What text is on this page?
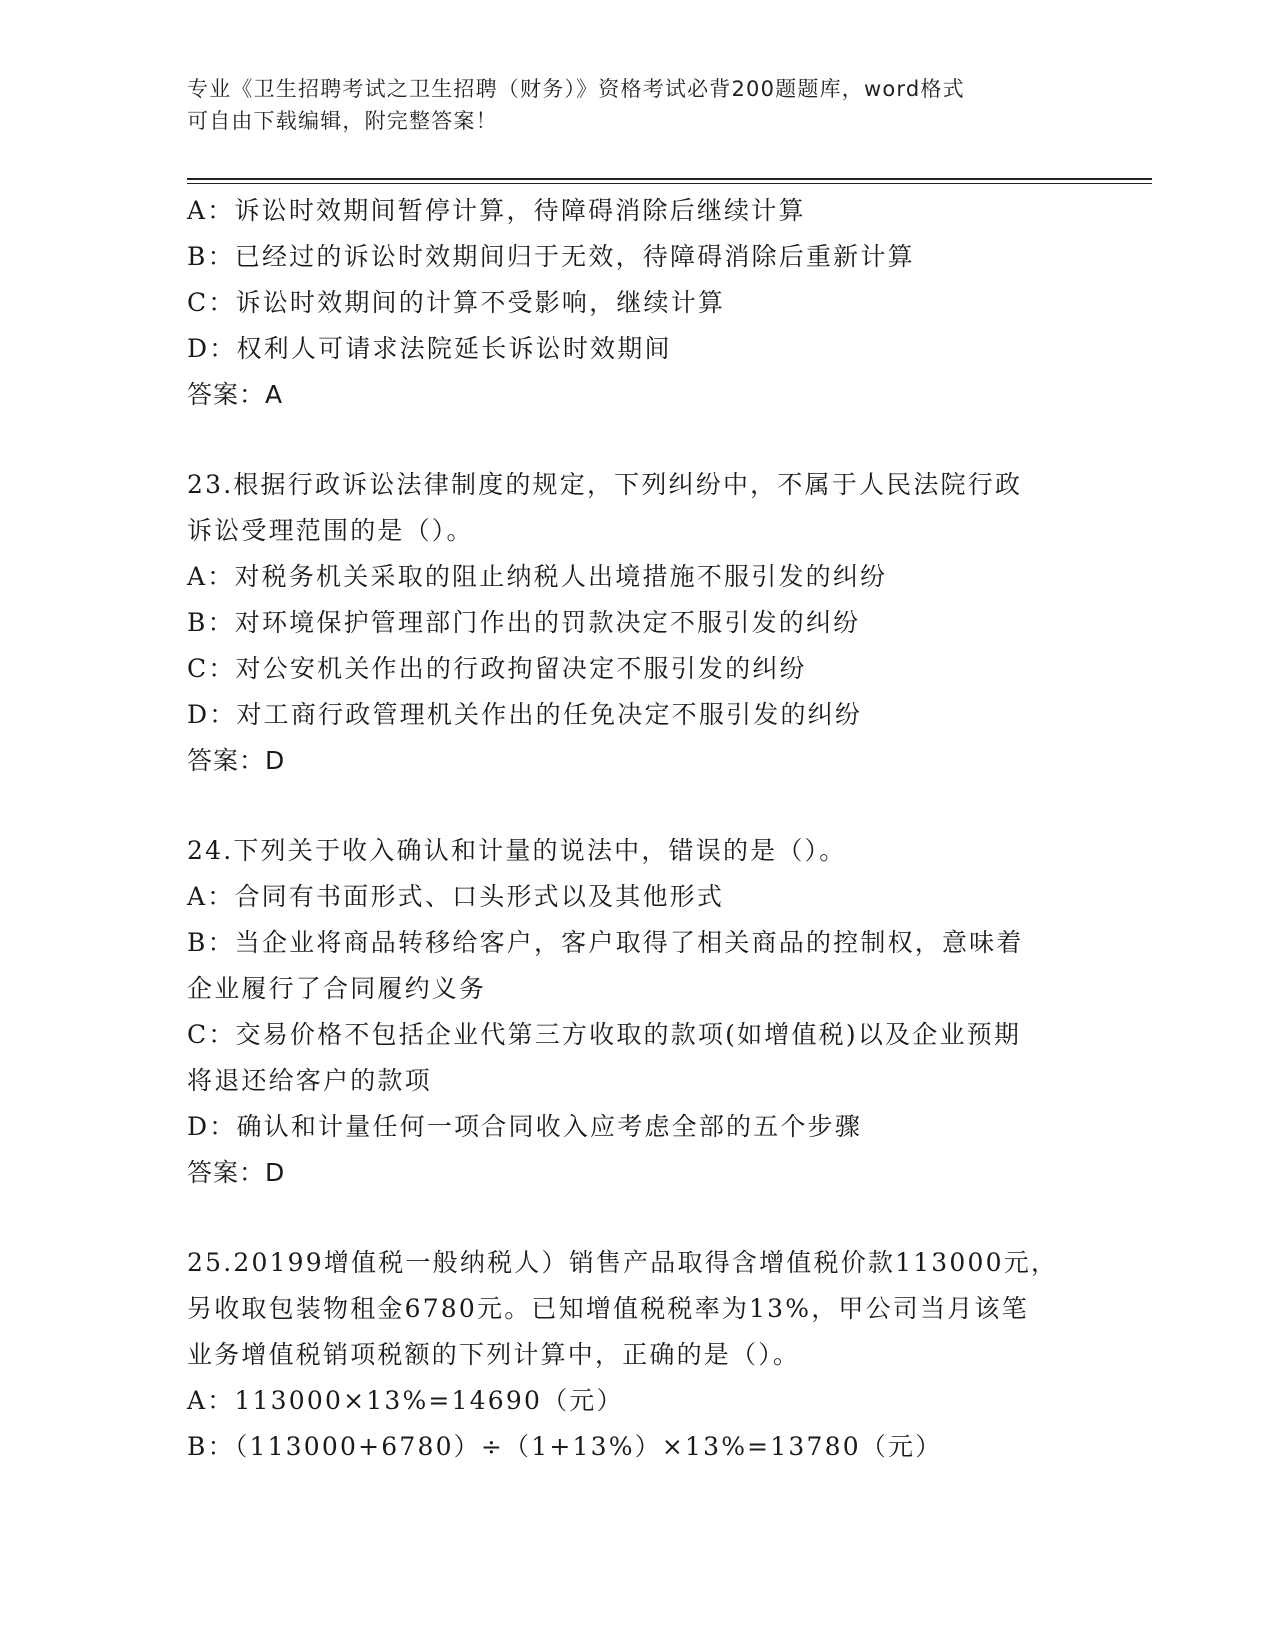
专业《卫生招聘考试之卫生招聘（财务）》资格考试必背200题题库，word格式
可自由下载编辑，附完整答案！
A：诉讼时效期间暂停计算，待障碍消除后继续计算
B：已经过的诉讼时效期间归于无效，待障碍消除后重新计算
C：诉讼时效期间的计算不受影响，继续计算
D：权利人可请求法院延长诉讼时效期间
答案：A
23.根据行政诉讼法律制度的规定，下列纠纷中，不属于人民法院行政
诉讼受理范围的是（）。
A：对税务机关采取的阻止纳税人出境措施不服引发的纠纷
B：对环境保护管理部门作出的罚款决定不服引发的纠纷
C：对公安机关作出的行政拘留决定不服引发的纠纷
D：对工商行政管理机关作出的任免决定不服引发的纠纷
答案：D
24.下列关于收入确认和计量的说法中，错误的是（）。
A：合同有书面形式、口头形式以及其他形式
B：当企业将商品转移给客户，客户取得了相关商品的控制权，意味着
企业履行了合同履约义务
C：交易价格不包括企业代第三方收取的款项(如增值税)以及企业预期
将退还给客户的款项
D：确认和计量任何一项合同收入应考虑全部的五个步骤
答案：D
25.20199增值税一般纳税人）销售产品取得含增值税价款113000元，
另收取包装物租金6780元。已知增值税税率为13%，甲公司当月该笔
业务增值税销项税额的下列计算中，正确的是（）。
A：113000×13%=14690（元）
B：（113000+6780）÷（1+13%）×13%=13780（元）
